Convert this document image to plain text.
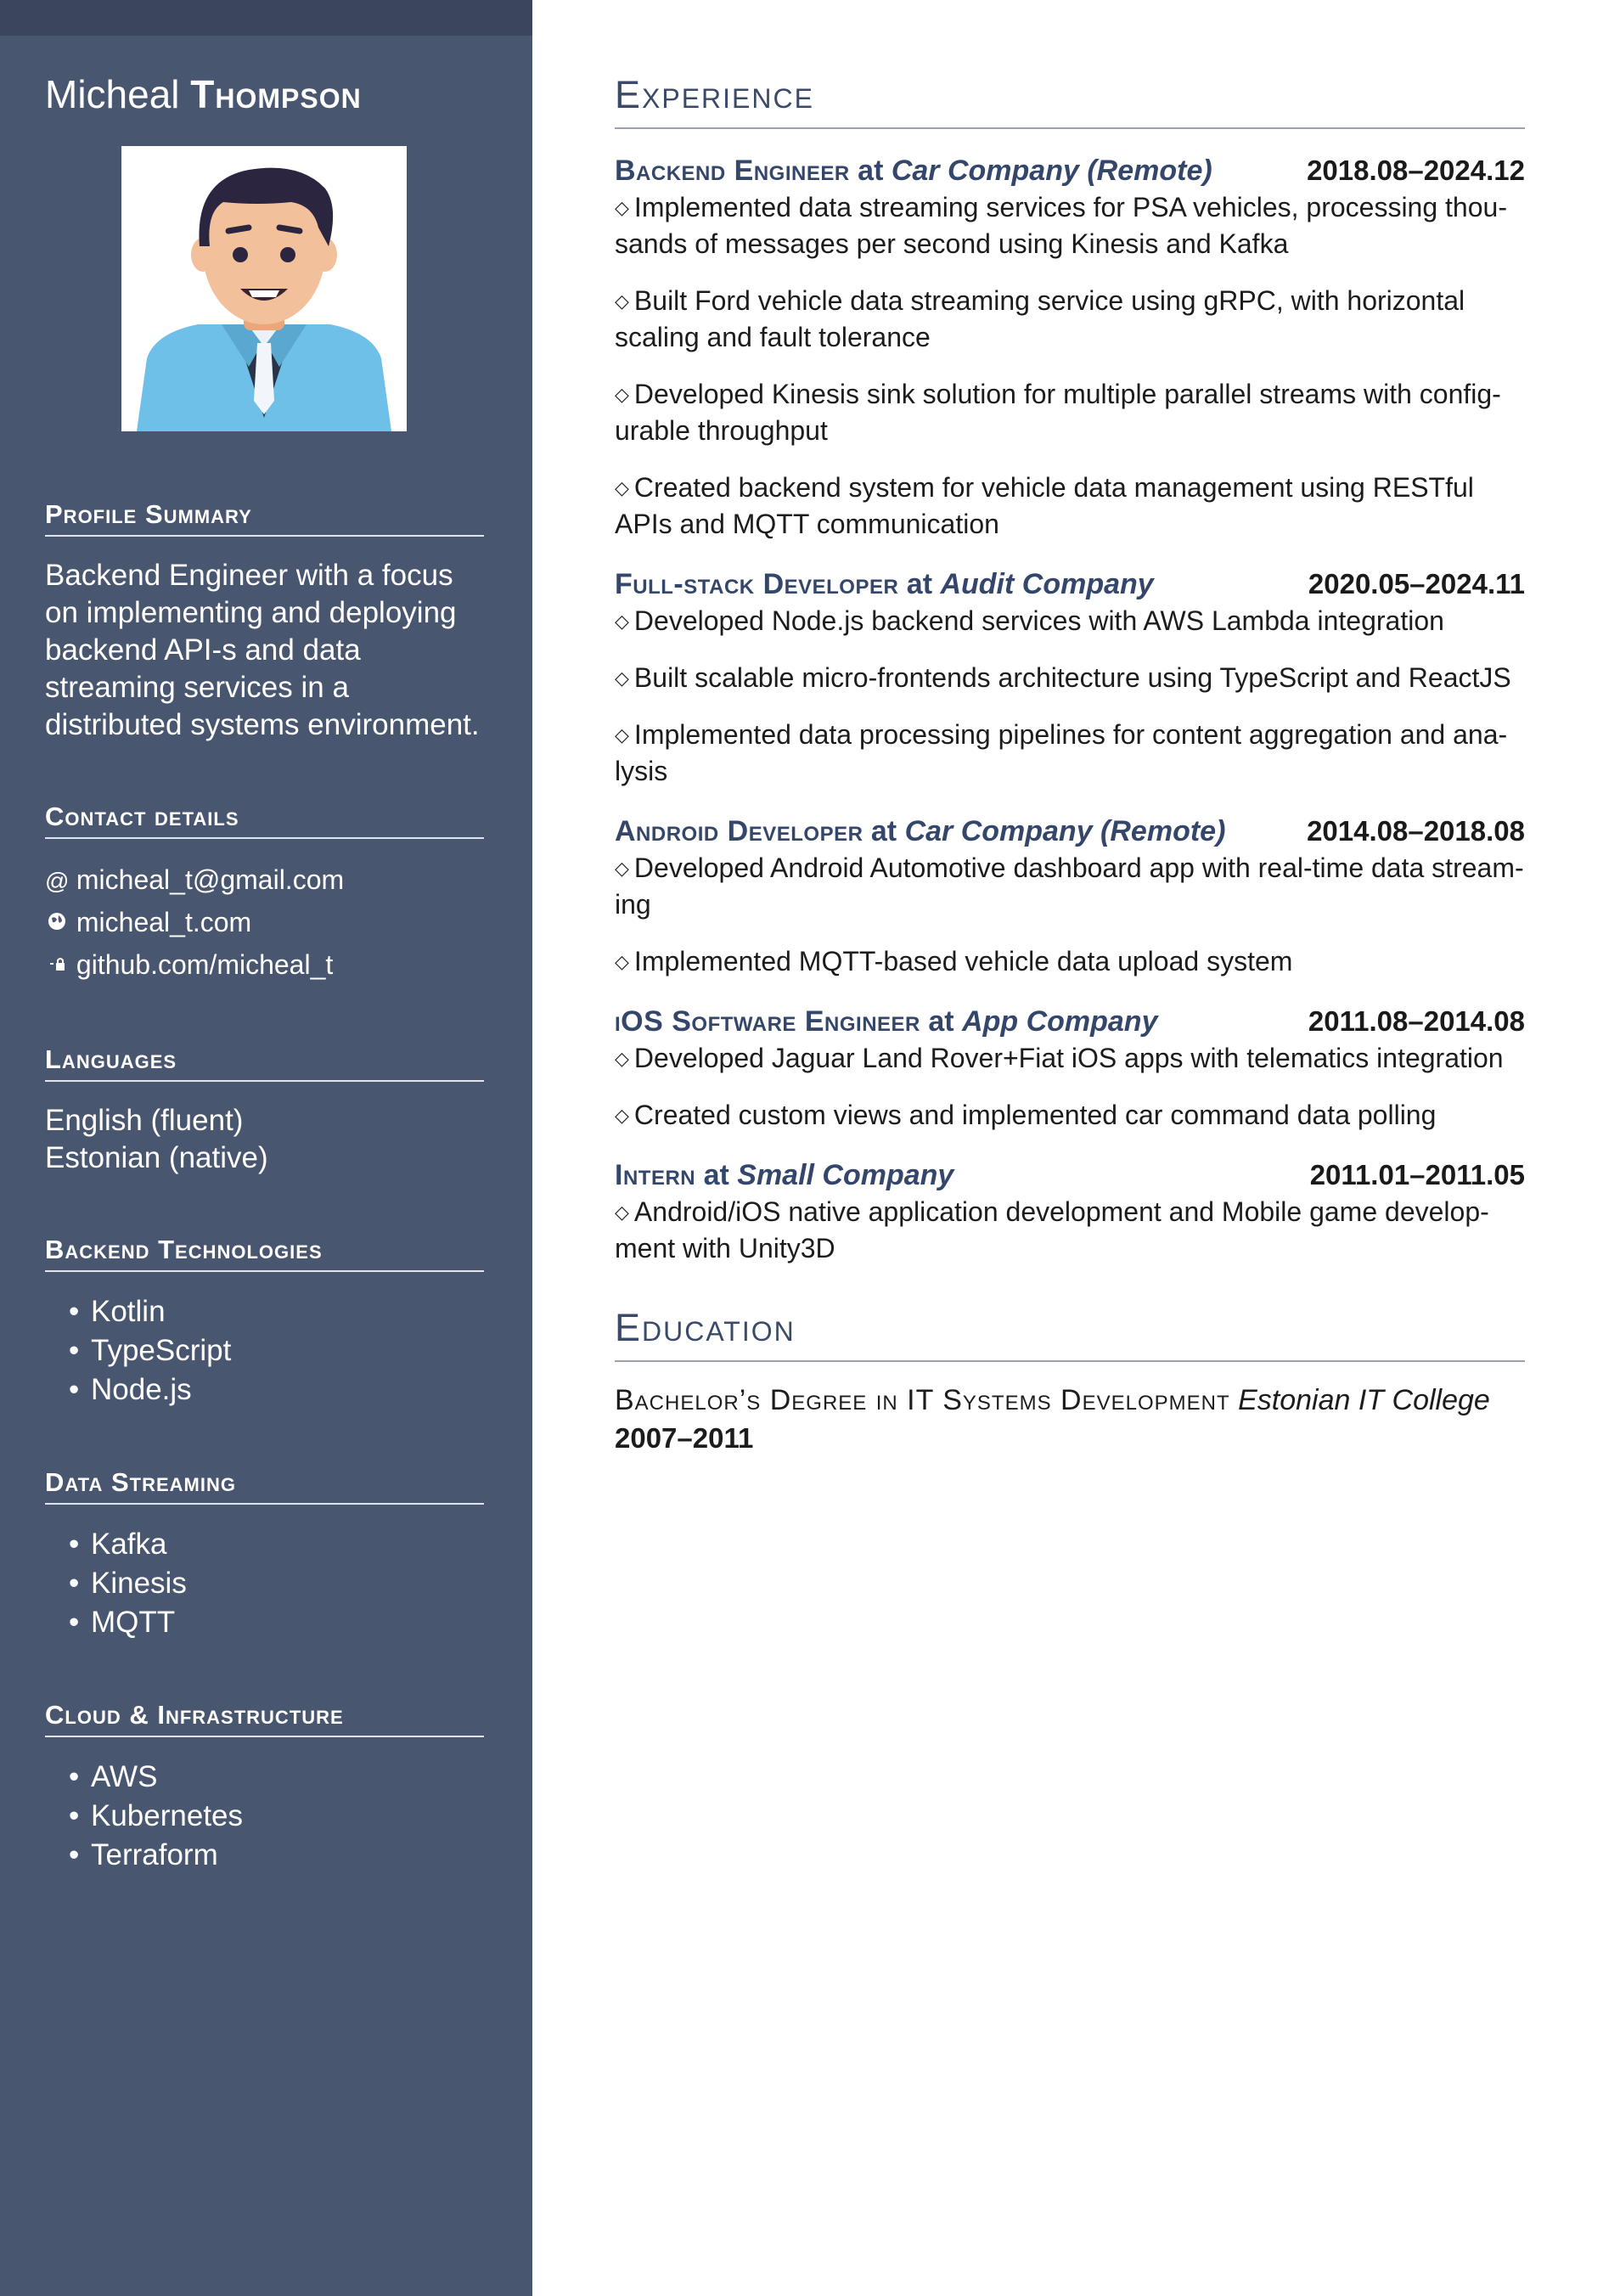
Micheal Thompson
Profile Summary
Backend Engineer with a focus on implementing and deploying backend API-s and data streaming services in a distributed systems environment.
Contact details
@ micheal_t@gmail.com
micheal_t.com
github.com/micheal_t
Languages
English (fluent)
Estonian (native)
Backend Technologies
• Kotlin
• TypeScript
• Node.js
Data Streaming
• Kafka
• Kinesis
• MQTT
Cloud & Infrastructure
• AWS
• Kubernetes
• Terraform
Experience
Backend Engineer at Car Company (Remote)	2018.08–2024.12
◇ Implemented data streaming services for PSA vehicles, processing thou-sands of messages per second using Kinesis and Kafka
◇ Built Ford vehicle data streaming service using gRPC, with horizontal scaling and fault tolerance
◇ Developed Kinesis sink solution for multiple parallel streams with config-urable throughput
◇ Created backend system for vehicle data management using RESTful APIs and MQTT communication
Full-stack Developer at Audit Company	2020.05–2024.11
◇ Developed Node.js backend services with AWS Lambda integration
◇ Built scalable micro-frontends architecture using TypeScript and ReactJS
◇ Implemented data processing pipelines for content aggregation and ana-lysis
Android Developer at Car Company (Remote)	2014.08–2018.08
◇ Developed Android Automotive dashboard app with real-time data stream-ing
◇ Implemented MQTT-based vehicle data upload system
iOS Software Engineer at App Company	2011.08–2014.08
◇ Developed Jaguar Land Rover+Fiat iOS apps with telematics integration
◇ Created custom views and implemented car command data polling
Intern at Small Company	2011.01–2011.05
◇ Android/iOS native application development and Mobile game develop-ment with Unity3D
Education
Bachelor’s Degree in IT Systems Development Estonian IT College
2007–2011
